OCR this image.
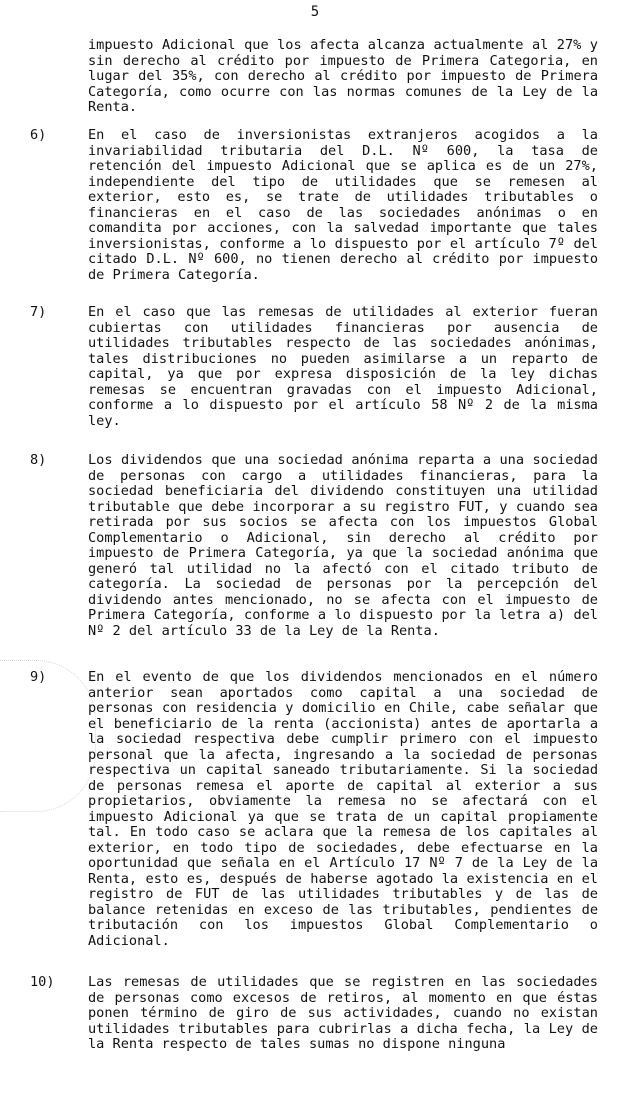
5

impuesto Adicional que los afecta alcanza actualmente al 27% y sin derecho al crédito por impuesto de Primera Categoria, en lugar del 35%, con derecho al crédito por impuesto de Primera Categoría, como ocurre con las normas comunes de la Ley de la Renta.

6)	En el caso de inversionistas extranjeros acogidos a la invariabilidad tributaria del D.L. Nº 600, la tasa de retención del impuesto Adicional que se aplica es de un 27%, independiente del tipo de utilidades que se remesen al exterior, esto es, se trate de utilidades tributables o financieras en el caso de las sociedades anónimas o en comandita por acciones, con la salvedad importante que tales inversionistas, conforme a lo dispuesto por el artículo 7º del citado D.L. Nº 600, no tienen derecho al crédito por impuesto de Primera Categoría.

7)	En el caso que las remesas de utilidades al exterior fueran cubiertas con utilidades financieras por ausencia de utilidades tributables respecto de las sociedades anónimas, tales distribuciones no pueden asimilarse a un reparto de capital, ya que por expresa disposición de la ley dichas remesas se encuentran gravadas con el impuesto Adicional, conforme a lo dispuesto por el artículo 58 Nº 2 de la misma ley.

8)	Los dividendos que una sociedad anónima reparta a una sociedad de personas con cargo a utilidades financieras, para la sociedad beneficiaria del dividendo constituyen una utilidad tributable que debe incorporar a su registro FUT, y cuando sea retirada por sus socios se afecta con los impuestos Global Complementario o Adicional, sin derecho al crédito por impuesto de Primera Categoría, ya que la sociedad anónima que generó tal utilidad no la afectó con el citado tributo de categoría. La sociedad de personas por la percepción del dividendo antes mencionado, no se afecta con el impuesto de Primera Categoría, conforme a lo dispuesto por la letra a) del Nº 2 del artículo 33 de la Ley de la Renta.

9)	En el evento de que los dividendos mencionados en el número anterior sean aportados como capital a una sociedad de personas con residencia y domicilio en Chile, cabe señalar que el beneficiario de la renta (accionista) antes de aportarla a la sociedad respectiva debe cumplir primero con el impuesto personal que la afecta, ingresando a la sociedad de personas respectiva un capital saneado tributariamente. Si la sociedad de personas remesa el aporte de capital al exterior a sus propietarios, obviamente la remesa no se afectará con el impuesto Adicional ya que se trata de un capital propiamente tal. En todo caso se aclara que la remesa de los capitales al exterior, en todo tipo de sociedades, debe efectuarse en la oportunidad que señala en el Artículo 17 Nº 7 de la Ley de la Renta, esto es, después de haberse agotado la existencia en el registro de FUT de las utilidades tributables y de las de balance retenidas en exceso de las tributables, pendientes de tributación con los impuestos Global Complementario o Adicional.

10)	Las remesas de utilidades que se registren en las sociedades de personas como excesos de retiros, al momento en que éstas ponen término de giro de sus actividades, cuando no existan utilidades tributables para cubrirlas a dicha fecha, la Ley de la Renta respecto de tales sumas no dispone ninguna
